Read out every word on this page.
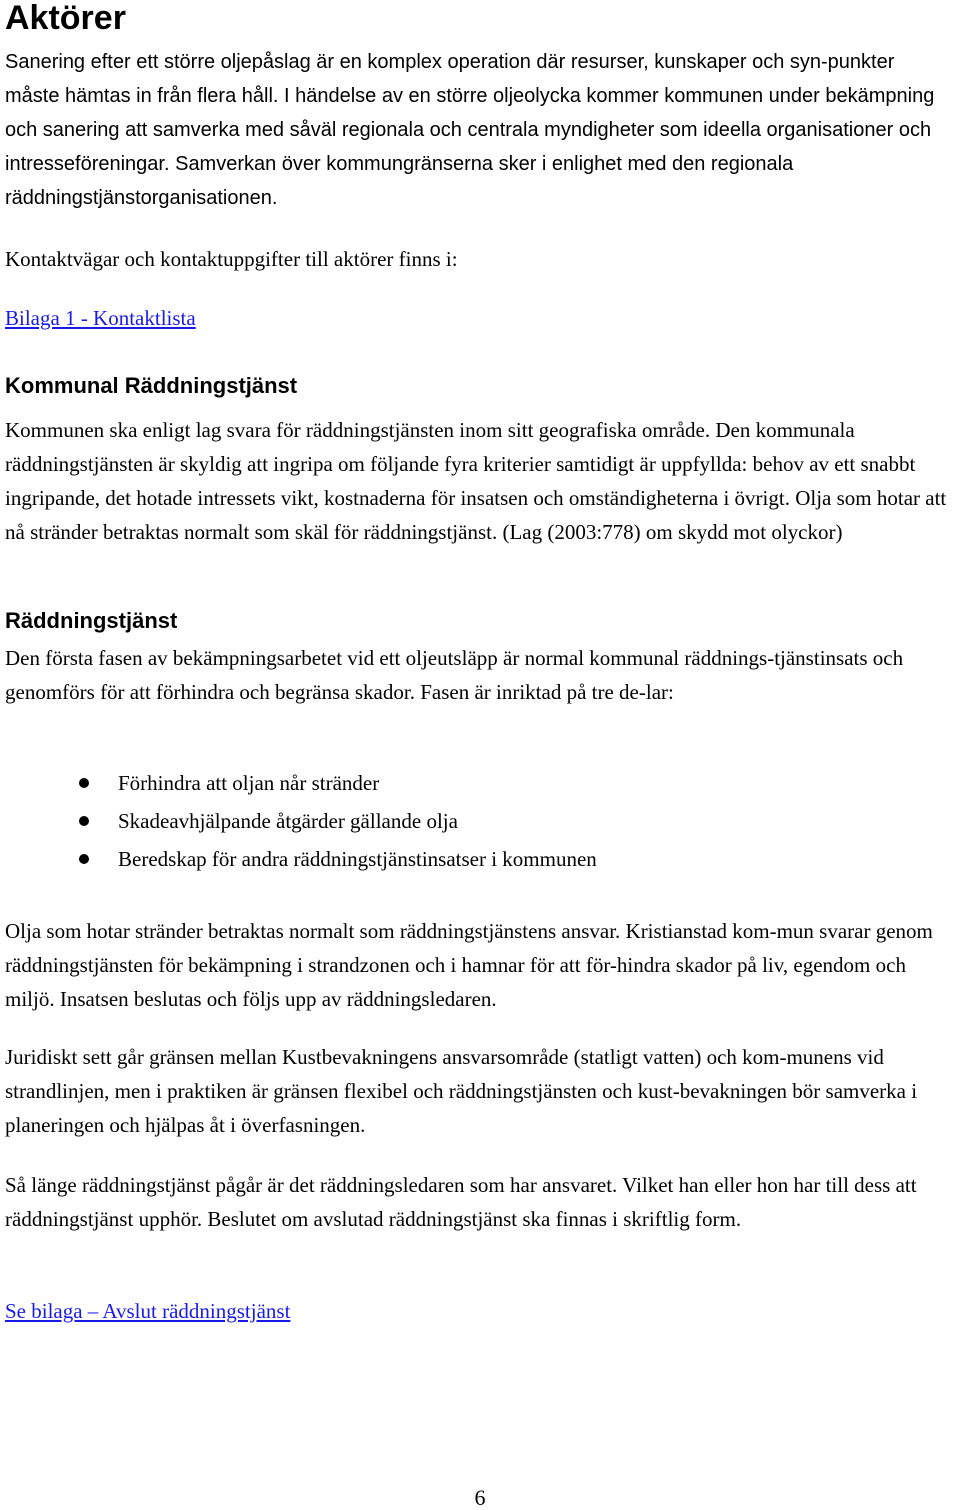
Aktörer

Sanering efter ett större oljepåslag är en komplex operation där resurser, kunskaper och syn-punkter måste hämtas in från flera håll. I händelse av en större oljeolycka kommer kommunen under bekämpning och sanering att samverka med såväl regionala och centrala myndigheter som ideella organisationer och intresseföreningar. Samverkan över kommungränserna sker i enlighet med den regionala räddningstjänstorganisationen.

Kontaktvägar och kontaktuppgifter till aktörer finns i:

Bilaga 1 - Kontaktlista
Kommunal Räddningstjänst

Kommunen ska enligt lag svara för räddningstjänsten inom sitt geografiska område. Den kommunala räddningstjänsten är skyldig att ingripa om följande fyra kriterier samtidigt är uppfyllda: behov av ett snabbt ingripande, det hotade intressets vikt, kostnaderna för insatsen och omständigheterna i övrigt. Olja som hotar att nå stränder betraktas normalt som skäl för räddningstjänst. (Lag (2003:778) om skydd mot olyckor)

Räddningstjänst

Den första fasen av bekämpningsarbetet vid ett oljeutsläpp är normal kommunal räddnings-tjänstinsats och genomförs för att förhindra och begränsa skador. Fasen är inriktad på tre de-lar:

Förhindra att oljan når stränder
Skadeavhjälpande åtgärder gällande olja
Beredskap för andra räddningstjänstinsatser i kommunen

Olja som hotar stränder betraktas normalt som räddningstjänstens ansvar. Kristianstad kom-mun svarar genom räddningstjänsten för bekämpning i strandzonen och i hamnar för att för-hindra skador på liv, egendom och miljö. Insatsen beslutas och följs upp av räddningsledaren.

Juridiskt sett går gränsen mellan Kustbevakningens ansvarsområde (statligt vatten) och kom-munens vid strandlinjen, men i praktiken är gränsen flexibel och räddningstjänsten och kust-bevakningen bör samverka i planeringen och hjälpas åt i överfasningen.

Så länge räddningstjänst pågår är det räddningsledaren som har ansvaret. Vilket han eller hon har till dess att räddningstjänst upphör. Beslutet om avslutad räddningstjänst ska finnas i skriftlig form.

Se bilaga – Avslut räddningstjänst
6
